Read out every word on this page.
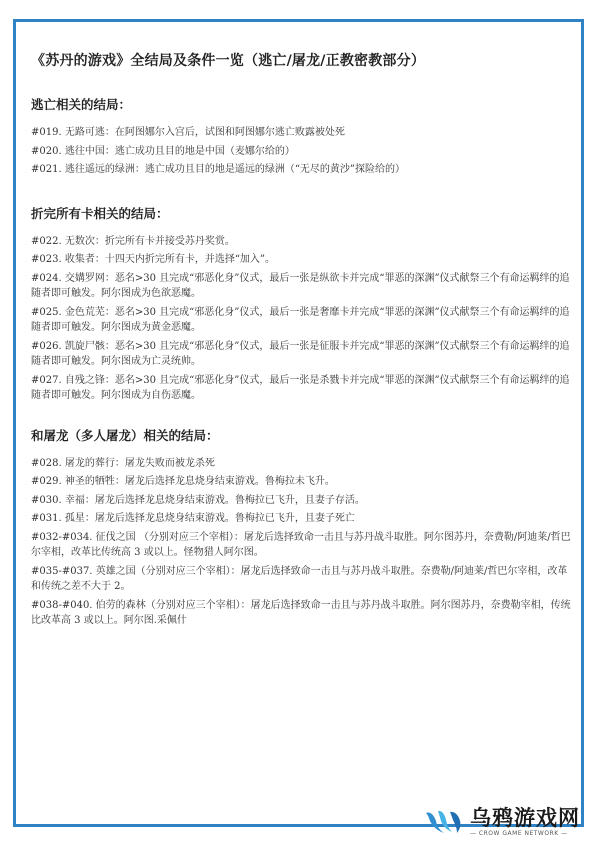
《苏丹的游戏》全结局及条件一览（逃亡/屠龙/正教密教部分）
逃亡相关的结局：
#019. 无路可逃：在阿图娜尔入宫后，试图和阿图娜尔逃亡败露被处死
#020. 逃往中国：逃亡成功且目的地是中国（麦娜尔给的）
#021. 逃往遥远的绿洲：逃亡成功且目的地是遥远的绿洲（“无尽的黄沙”探险给的）
折完所有卡相关的结局：
#022. 无数次：折完所有卡并接受苏丹奖赏。
#023. 收集者：十四天内折完所有卡，并选择“加入”。
#024. 交媾罗网：恶名>30 且完成“邪恶化身”仪式，最后一张是纵欲卡并完成“罪恶的深渊”仪式献祭三个有命运羁绊的追随者即可触发。阿尔图成为色欲恶魔。
#025. 金色荒芜：恶名>30 且完成“邪恶化身”仪式，最后一张是奢靡卡并完成“罪恶的深渊”仪式献祭三个有命运羁绊的追随者即可触发。阿尔图成为黄金恶魔。
#026. 凯旋尸骸：恶名>30 且完成“邪恶化身”仪式，最后一张是征服卡并完成“罪恶的深渊”仪式献祭三个有命运羁绊的追随者即可触发。阿尔图成为亡灵统帅。
#027. 自残之锋：恶名>30 且完成“邪恶化身”仪式，最后一张是杀戮卡并完成“罪恶的深渊”仪式献祭三个有命运羁绊的追随者即可触发。阿尔图成为自伤恶魔。
和屠龙（多人屠龙）相关的结局：
#028. 屠龙的葬行：屠龙失败而被龙杀死
#029. 神圣的牺牲：屠龙后选择龙息烧身结束游戏。鲁梅拉未飞升。
#030. 幸福：屠龙后选择龙息烧身结束游戏。鲁梅拉已飞升，且妻子存活。
#031. 孤星：屠龙后选择龙息烧身结束游戏。鲁梅拉已飞升，且妻子死亡
#032-#034. 征伐之国 （分别对应三个宰相）：屠龙后选择致命一击且与苏丹战斗取胜。阿尔图苏丹，奈费勒/阿迪莱/哲巴尔宰相，改革比传统高 3 或以上。怪物猎人阿尔图。
#035-#037. 英雄之国（分别对应三个宰相）：屠龙后选择致命一击且与苏丹战斗取胜。奈费勒/阿迪莱/哲巴尔宰相，改革和传统之差不大于 2。
#038-#040. 伯劳的森林（分别对应三个宰相）：屠龙后选择致命一击且与苏丹战斗取胜。阿尔图苏丹，奈费勒宰相，传统比改革高 3 或以上。阿尔图.采佩什
乌鸦游戏网
— CROW GAME NETWORK —
